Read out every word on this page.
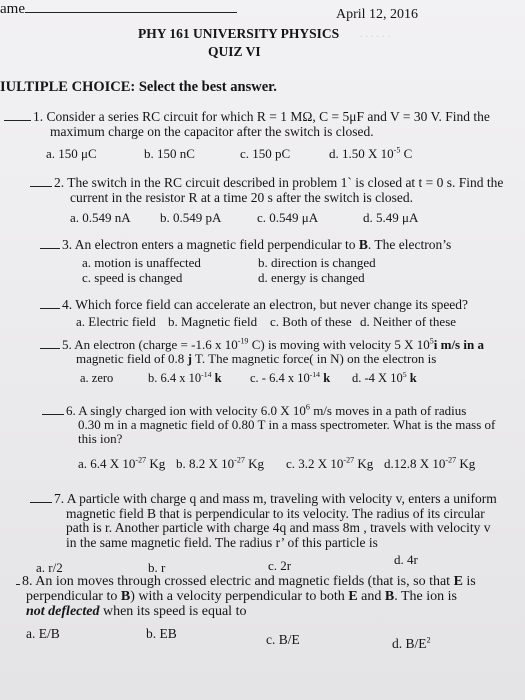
. . . . . .
ame	April 12, 2016
PHY 161 UNIVERSITY PHYSICS
QUIZ VI
IULTIPLE CHOICE: Select the best answer.
1. Consider a series RC circuit for which R = 1 MΩ, C = 5μF and V = 30 V. Find the
maximum charge on the capacitor after the switch is closed.
a. 150 μC	b. 150 nC	c. 150 pC	d. 1.50 X $10^{-5}$ C
2. The switch in the RC circuit described in problem 1` is closed at t = 0 s. Find the
current in the resistor R at a time 20 s after the switch is closed.
a. 0.549 nA b. 0.549 pA	c. 0.549 μA	d. 5.49 μA
3. An electron enters a magnetic field perpendicular to B. The electron’s
a. motion is unaffected	b. direction is changed
c. speed is changed	d. energy is changed
4. Which force field can accelerate an electron, but never change its speed?
a. Electric field b. Magnetic field c. Both of these d. Neither of these
5. An electron (charge = -1.6 x $10^{-19}$ C) is moving with velocity 5 X $10^5i$ m/s in a
magnetic field of 0.8 j T. The magnetic force( in N) on the electron is
a. zero	b. 6.4 x $10^{-14}$ k c. - 6.4 x $10^{-14}$ k d. -4 X $10^5$ k
6. A singly charged ion with velocity 6.0 X $10^6$ m/s moves in a path of radius
0.30 m in a magnetic field of 0.80 T in a mass spectrometer. What is the mass of
this ion?
a. 6.4 X $10^{-27}$ Kg b. 8.2 X $10^{-27}$ Kg c. 3.2 X $10^{-27}$ Kg d.12.8 X $10^{-27}$ Kg
7. A particle with charge q and mass m, traveling with velocity v, enters a uniform
magnetic field B that is perpendicular to its velocity. The radius of its circular
path is r. Another particle with charge 4q and mass 8m , travels with velocity v
in the same magnetic field. The radius r’ of this particle is
a. r/2	b. r	c. 2r	d. 4r
8. An ion moves through crossed electric and magnetic fields (that is, so that E is
perpendicular to B) with a velocity perpendicular to both E and B. The ion is
not deflected when its speed is equal to
a. E/B	b. EB	c. B/E	d. $B/E^2$
